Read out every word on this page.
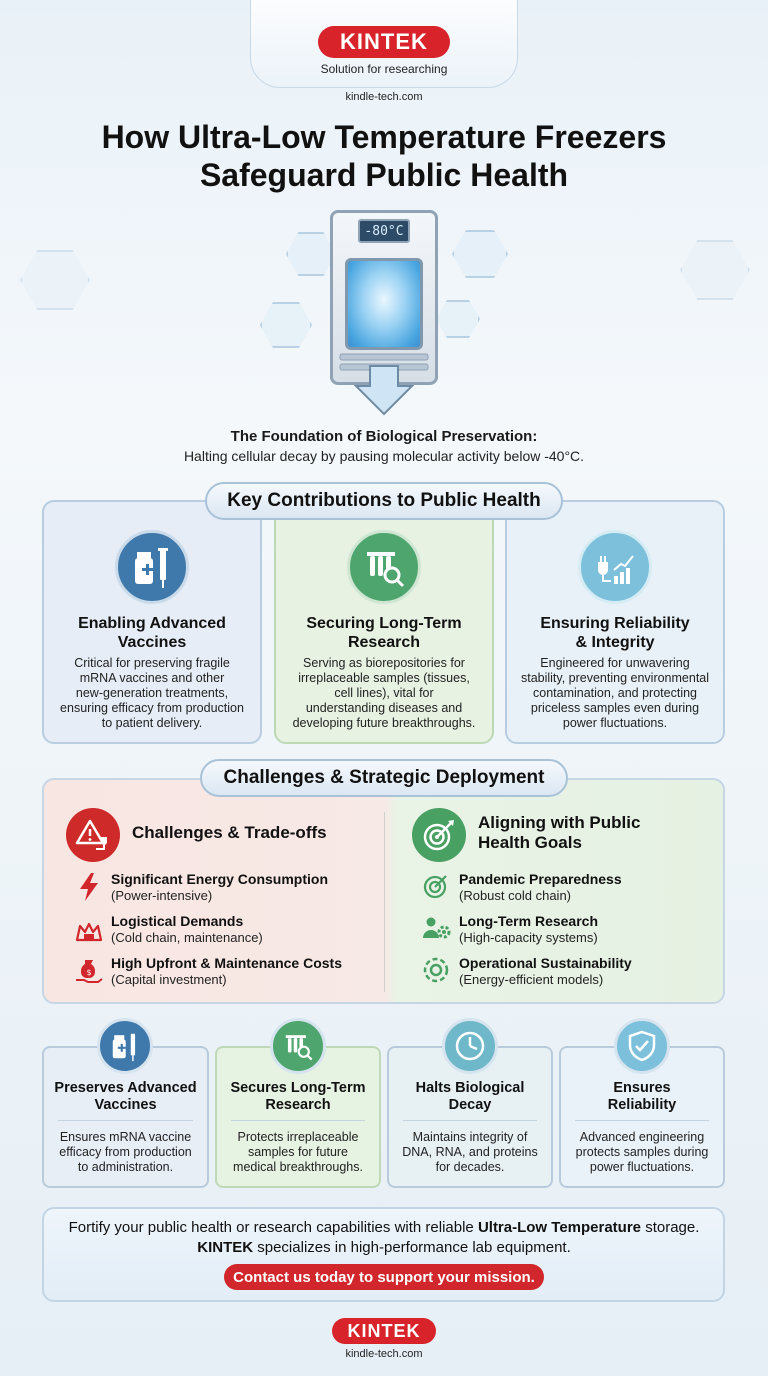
KINTEK
Solution for researching
kindle-tech.com
How Ultra-Low Temperature Freezers
Safeguard Public Health
-80°C
The Foundation of Biological Preservation:
Halting cellular decay by pausing molecular activity below -40°C.
Key Contributions to Public Health
Enabling Advanced
Vaccines
Critical for preserving fragile
mRNA vaccines and other
new-generation treatments,
ensuring efficacy from production
to patient delivery.
Securing Long-Term
Research
Serving as biorepositories for
irreplaceable samples (tissues,
cell lines), vital for
understanding diseases and
developing future breakthroughs.
Ensuring Reliability
& Integrity
Engineered for unwavering
stability, preventing environmental
contamination, and protecting
priceless samples even during
power fluctuations.
Challenges & Strategic Deployment
Challenges & Trade-offs
Aligning with Public
Health Goals
Significant Energy Consumption
(Power-intensive)
Logistical Demands
(Cold chain, maintenance)
$
High Upfront & Maintenance Costs
(Capital investment)
Pandemic Preparedness
(Robust cold chain)
Long-Term Research
(High-capacity systems)
Operational Sustainability
(Energy-efficient models)
Preserves Advanced
Vaccines
Ensures mRNA vaccine
efficacy from production
to administration.
Secures Long-Term
Research
Protects irreplaceable
samples for future
medical breakthroughs.
Halts Biological
Decay
Maintains integrity of
DNA, RNA, and proteins
for decades.
Ensures
Reliability
Advanced engineering
protects samples during
power fluctuations.
Fortify your public health or research capabilities with reliable Ultra-Low Temperature storage.
KINTEK specializes in high-performance lab equipment.
Contact us today to support your mission.
KINTEK
kindle-tech.com
